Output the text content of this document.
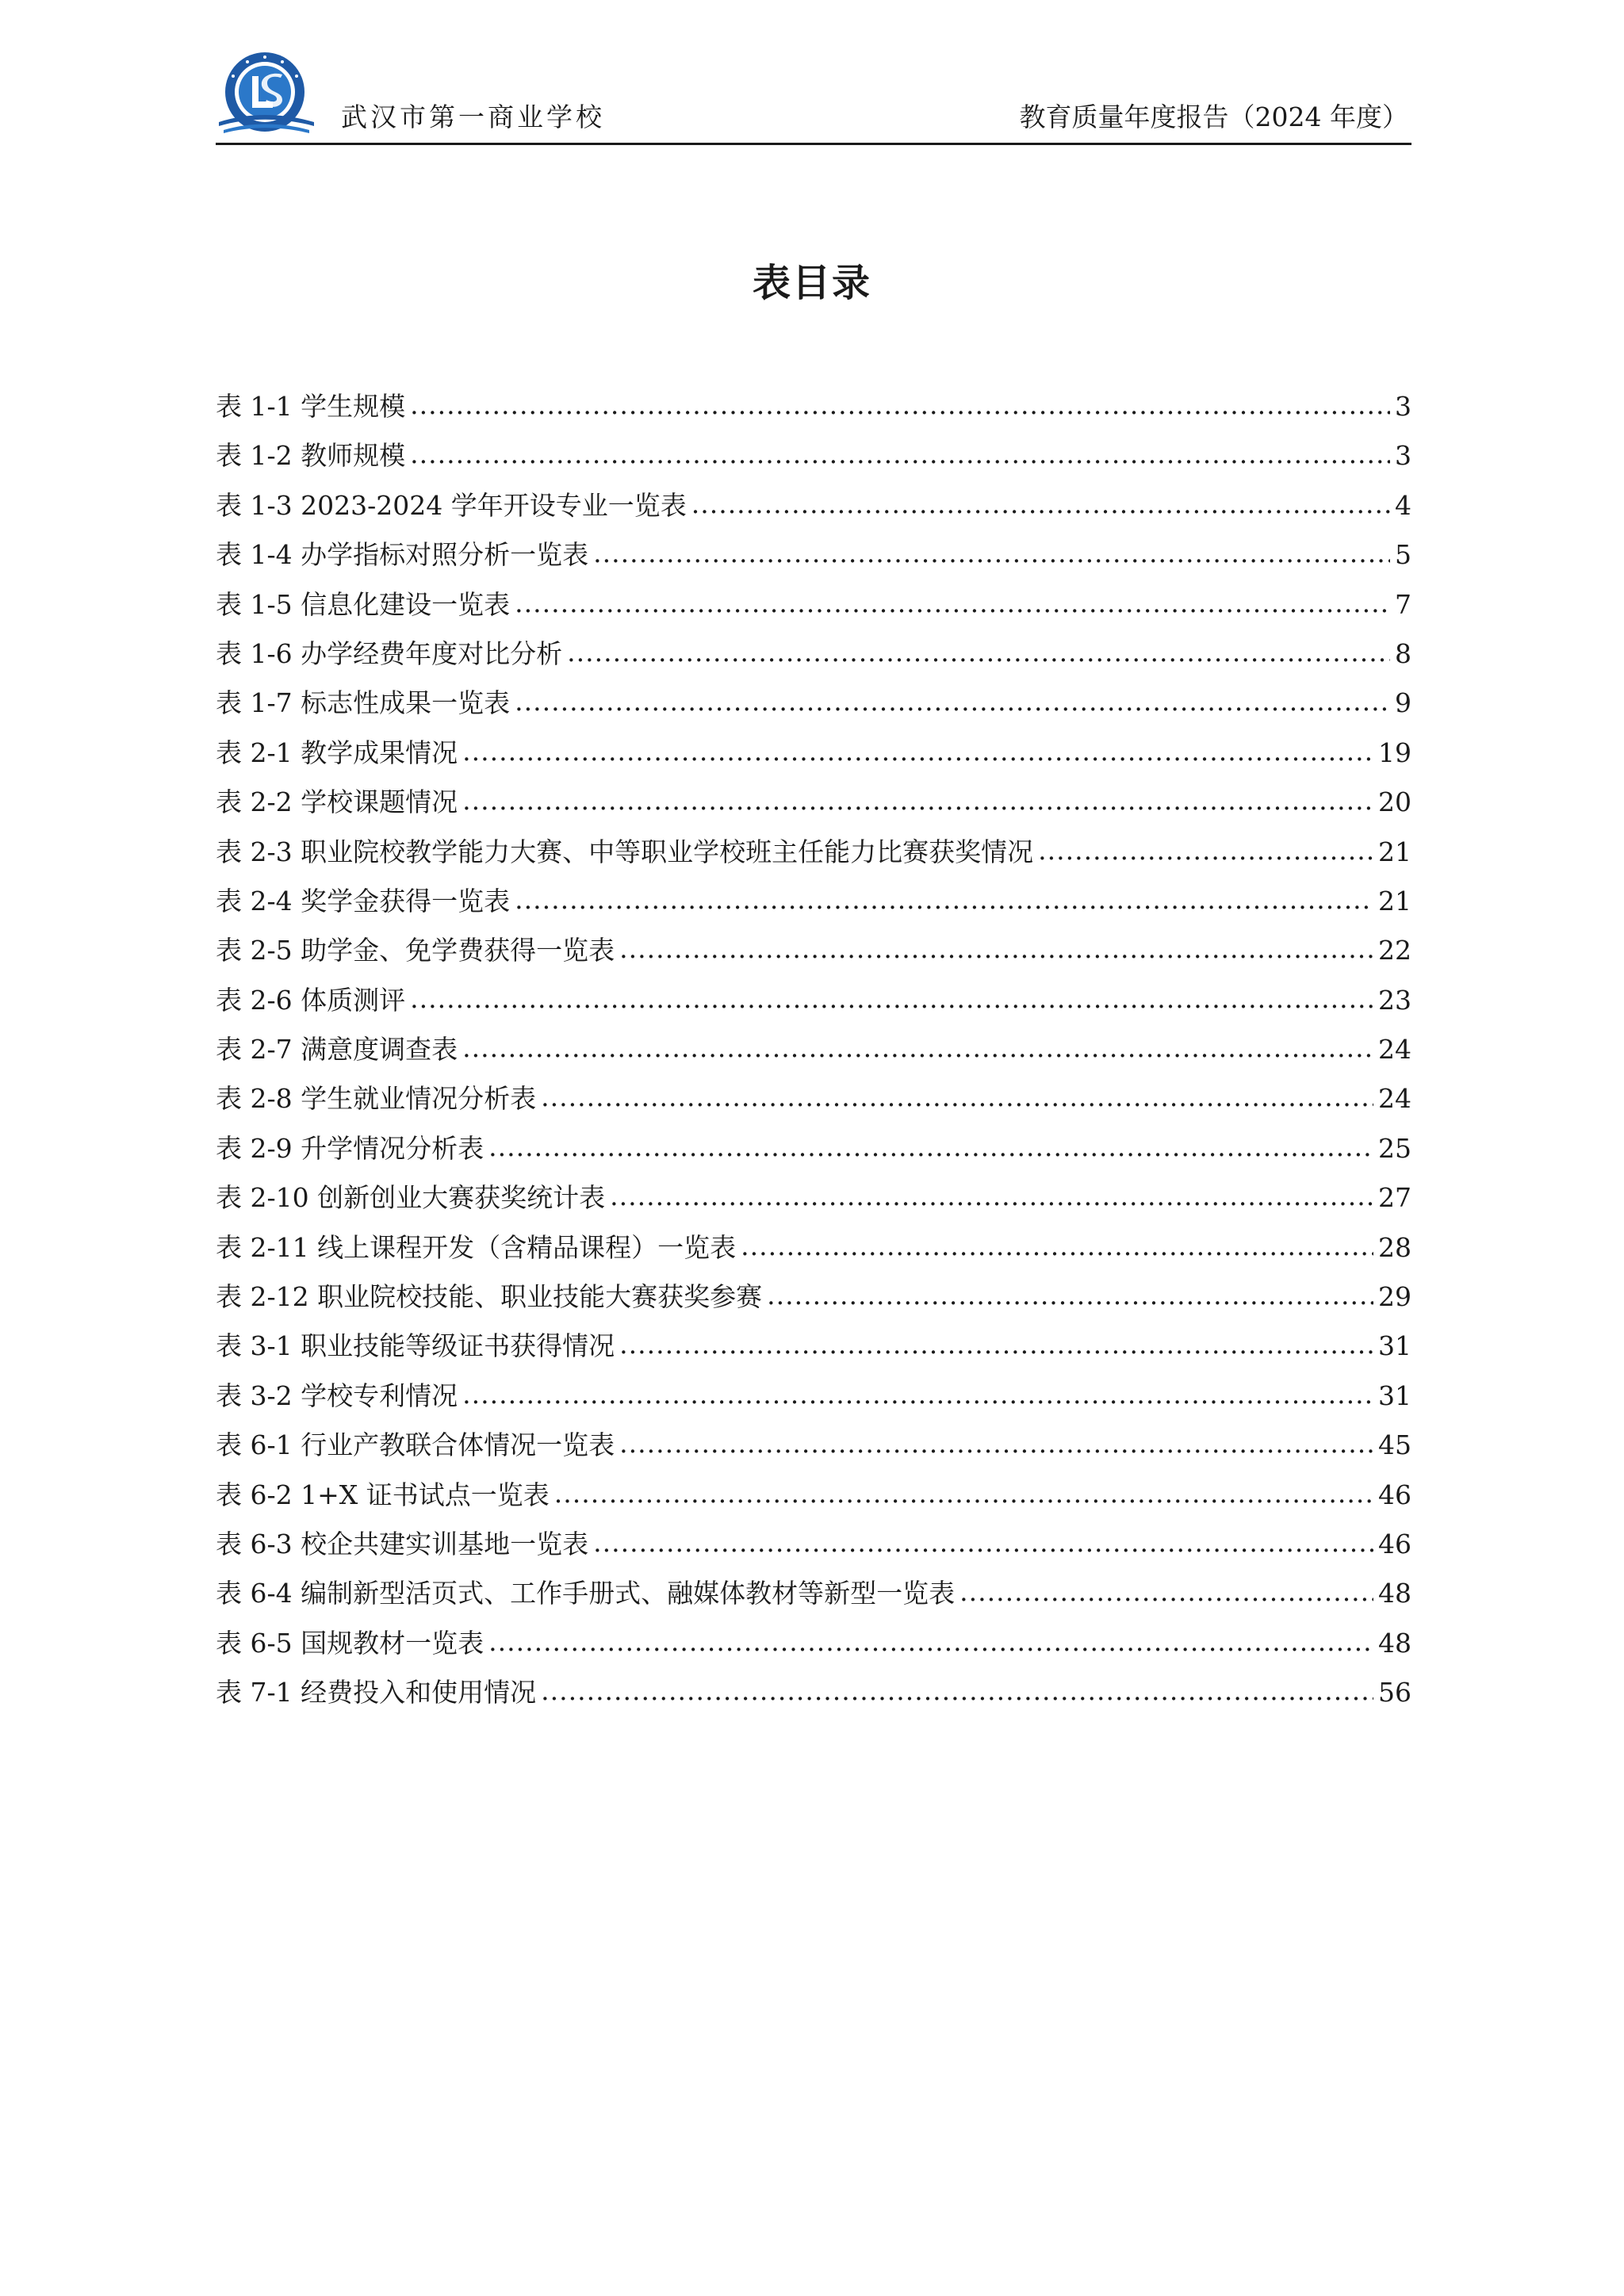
武汉市第一商业学校	教育质量年度报告（2024 年度）
表目录
表 1-1 学生规模 .....	3
表 1-2 教师规模 .....	3
表 1-3 2023-2024 学年开设专业一览表 .....	4
表 1-4 办学指标对照分析一览表 .....	5
表 1-5 信息化建设一览表 .....	7
表 1-6 办学经费年度对比分析 .....	8
表 1-7 标志性成果一览表 .....	9
表 2-1 教学成果情况 .....	19
表 2-2 学校课题情况 .....	20
表 2-3 职业院校教学能力大赛、中等职业学校班主任能力比赛获奖情况 .....	21
表 2-4 奖学金获得一览表 .....	21
表 2-5 助学金、免学费获得一览表 .....	22
表 2-6 体质测评 .....	23
表 2-7 满意度调查表 .....	24
表 2-8 学生就业情况分析表 .....	24
表 2-9 升学情况分析表 .....	25
表 2-10 创新创业大赛获奖统计表 .....	27
表 2-11 线上课程开发（含精品课程）一览表 .....	28
表 2-12 职业院校技能、职业技能大赛获奖参赛 .....	29
表 3-1 职业技能等级证书获得情况 .....	31
表 3-2 学校专利情况 .....	31
表 6-1 行业产教联合体情况一览表 .....	45
表 6-2 1+X 证书试点一览表 .....	46
表 6-3 校企共建实训基地一览表 .....	46
表 6-4 编制新型活页式、工作手册式、融媒体教材等新型一览表 .....	48
表 6-5 国规教材一览表 .....	48
表 7-1 经费投入和使用情况 .....	56
